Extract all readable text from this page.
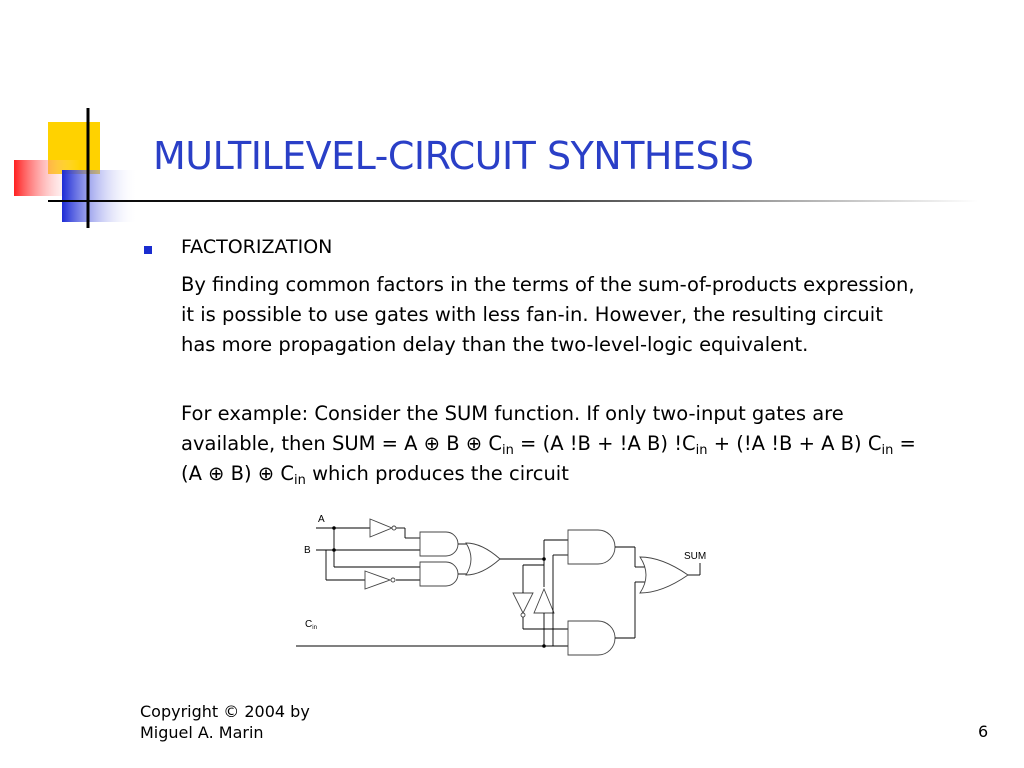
MULTILEVEL-CIRCUIT SYNTHESIS
FACTORIZATION
By finding common factors in the terms of the sum-of-products expression, it is possible to use gates with less fan-in. However, the resulting circuit has more propagation delay than the two-level-logic equivalent.
For example: Consider the SUM function. If only two-input gates are available, then SUM = A ⊕ B ⊕ $C_{in} = (A$ !B + !A B) $!C_{in} + (!A$ !B + A B) $C_{in} = (A$ ⊕ B) ⊕ $C_{in}$ which produces the circuit
A
B
$C_{in}$
SUM
Copyright © 2004 by
Miguel A. Marin	6
